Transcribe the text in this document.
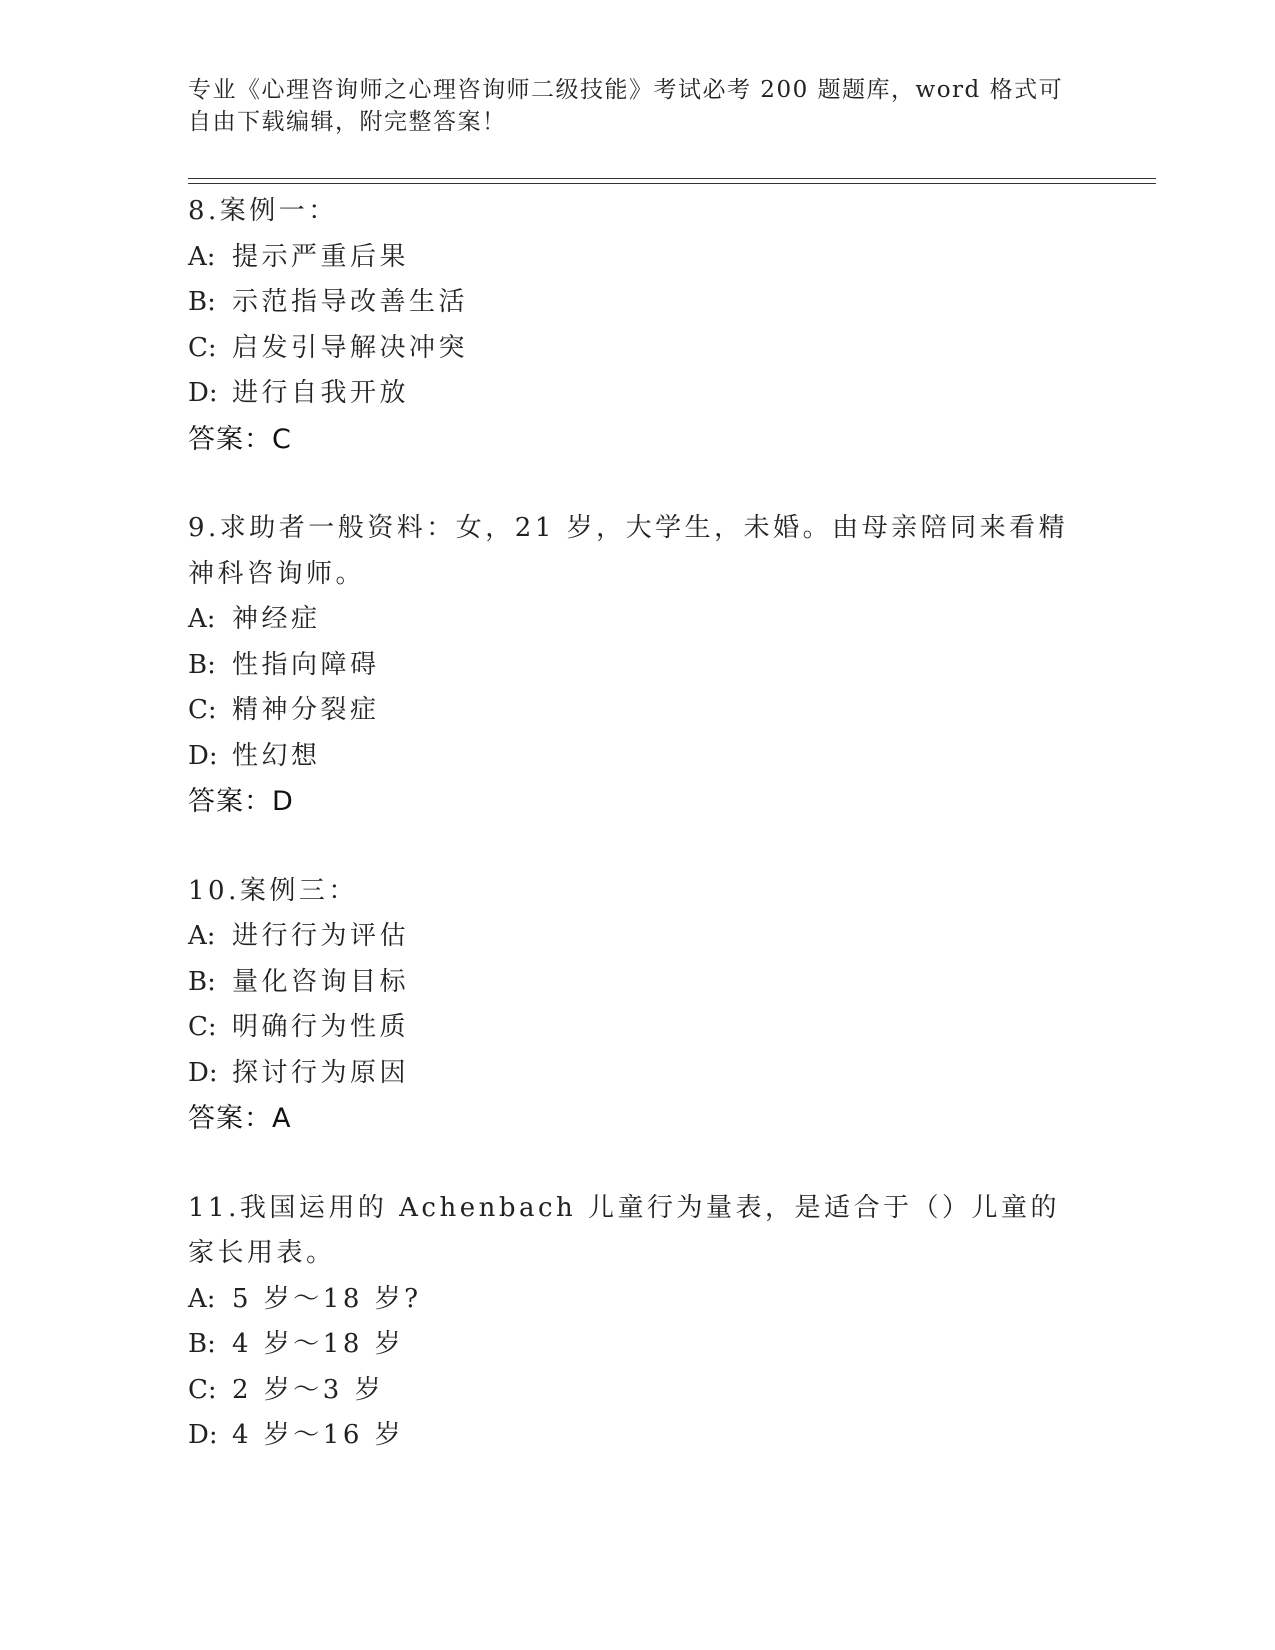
专业《心理咨询师之心理咨询师二级技能》考试必考 200 题题库，word 格式可自由下载编辑，附完整答案！
8.案例一：
A: 提示严重后果
B: 示范指导改善生活
C: 启发引导解决冲突
D: 进行自我开放
答案：C
9.求助者一般资料：女，21 岁，大学生，未婚。由母亲陪同来看精神科咨询师。
A: 神经症
B: 性指向障碍
C: 精神分裂症
D: 性幻想
答案：D
10.案例三：
A: 进行行为评估
B: 量化咨询目标
C: 明确行为性质
D: 探讨行为原因
答案：A
11.我国运用的 Achenbach 儿童行为量表，是适合于（）儿童的家长用表。
A: 5 岁～18 岁?
B: 4 岁～18 岁
C: 2 岁～3 岁
D: 4 岁～16 岁
